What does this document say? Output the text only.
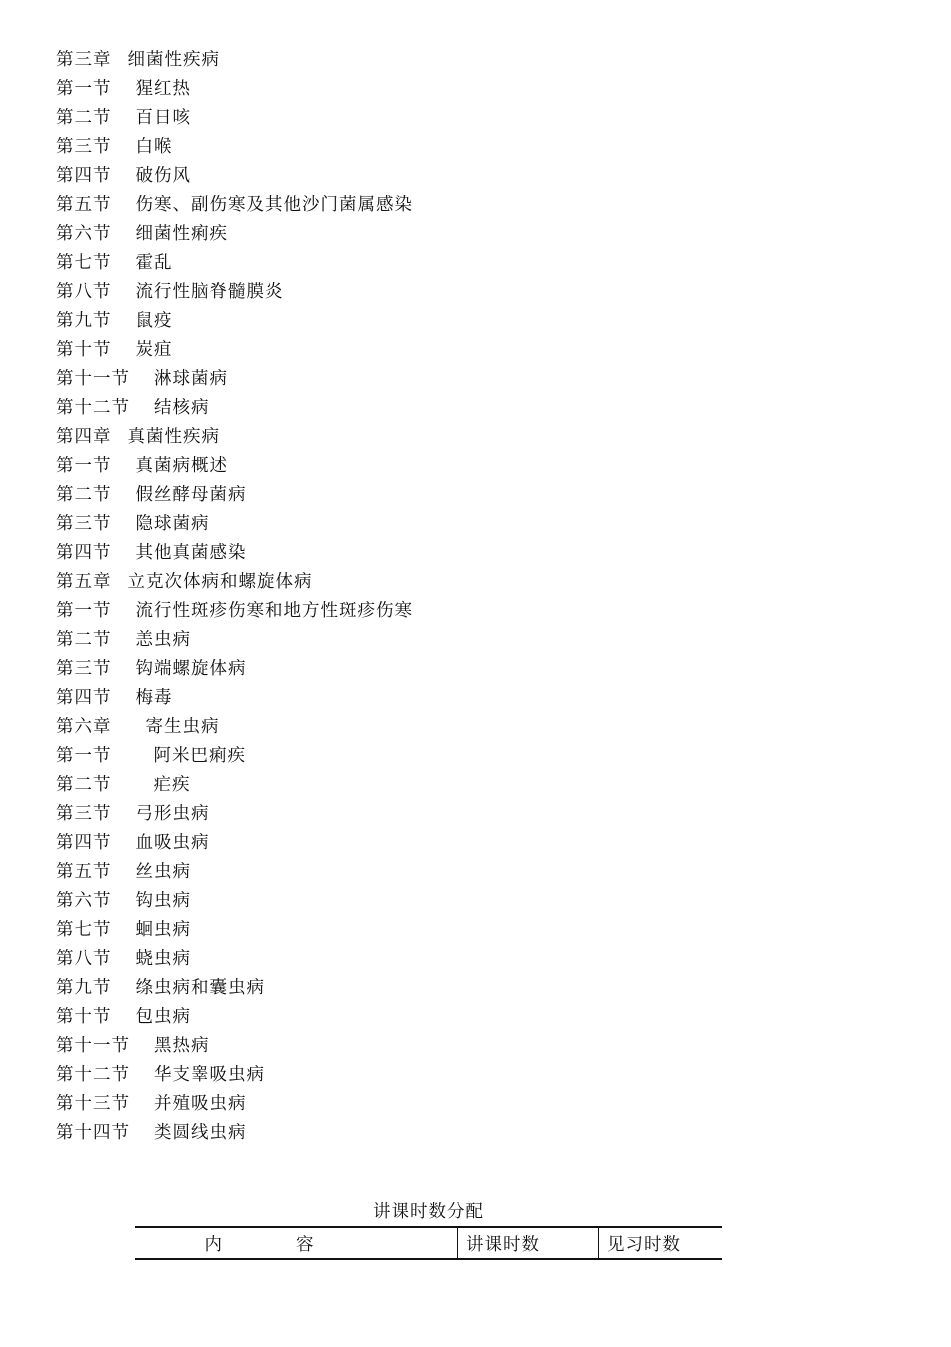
第三章 细菌性疾病
第一节 猩红热
第二节 百日咳
第三节 白喉
第四节 破伤风
第五节 伤寒、副伤寒及其他沙门菌属感染
第六节 细菌性痢疾
第七节 霍乱
第八节 流行性脑脊髓膜炎
第九节 鼠疫
第十节 炭疽
第十一节 淋球菌病
第十二节 结核病
第四章 真菌性疾病
第一节 真菌病概述
第二节 假丝酵母菌病
第三节 隐球菌病
第四节 其他真菌感染
第五章 立克次体病和螺旋体病
第一节 流行性斑疹伤寒和地方性斑疹伤寒
第二节 恙虫病
第三节 钩端螺旋体病
第四节 梅毒
第六章 寄生虫病
第一节 阿米巴痢疾
第二节 疟疾
第三节 弓形虫病
第四节 血吸虫病
第五节 丝虫病
第六节 钩虫病
第七节 蛔虫病
第八节 蛲虫病
第九节 绦虫病和囊虫病
第十节 包虫病
第十一节 黑热病
第十二节 华支睾吸虫病
第十三节 并殖吸虫病
第十四节 类圆线虫病
讲课时数分配
内容	讲课时数	见习时数
